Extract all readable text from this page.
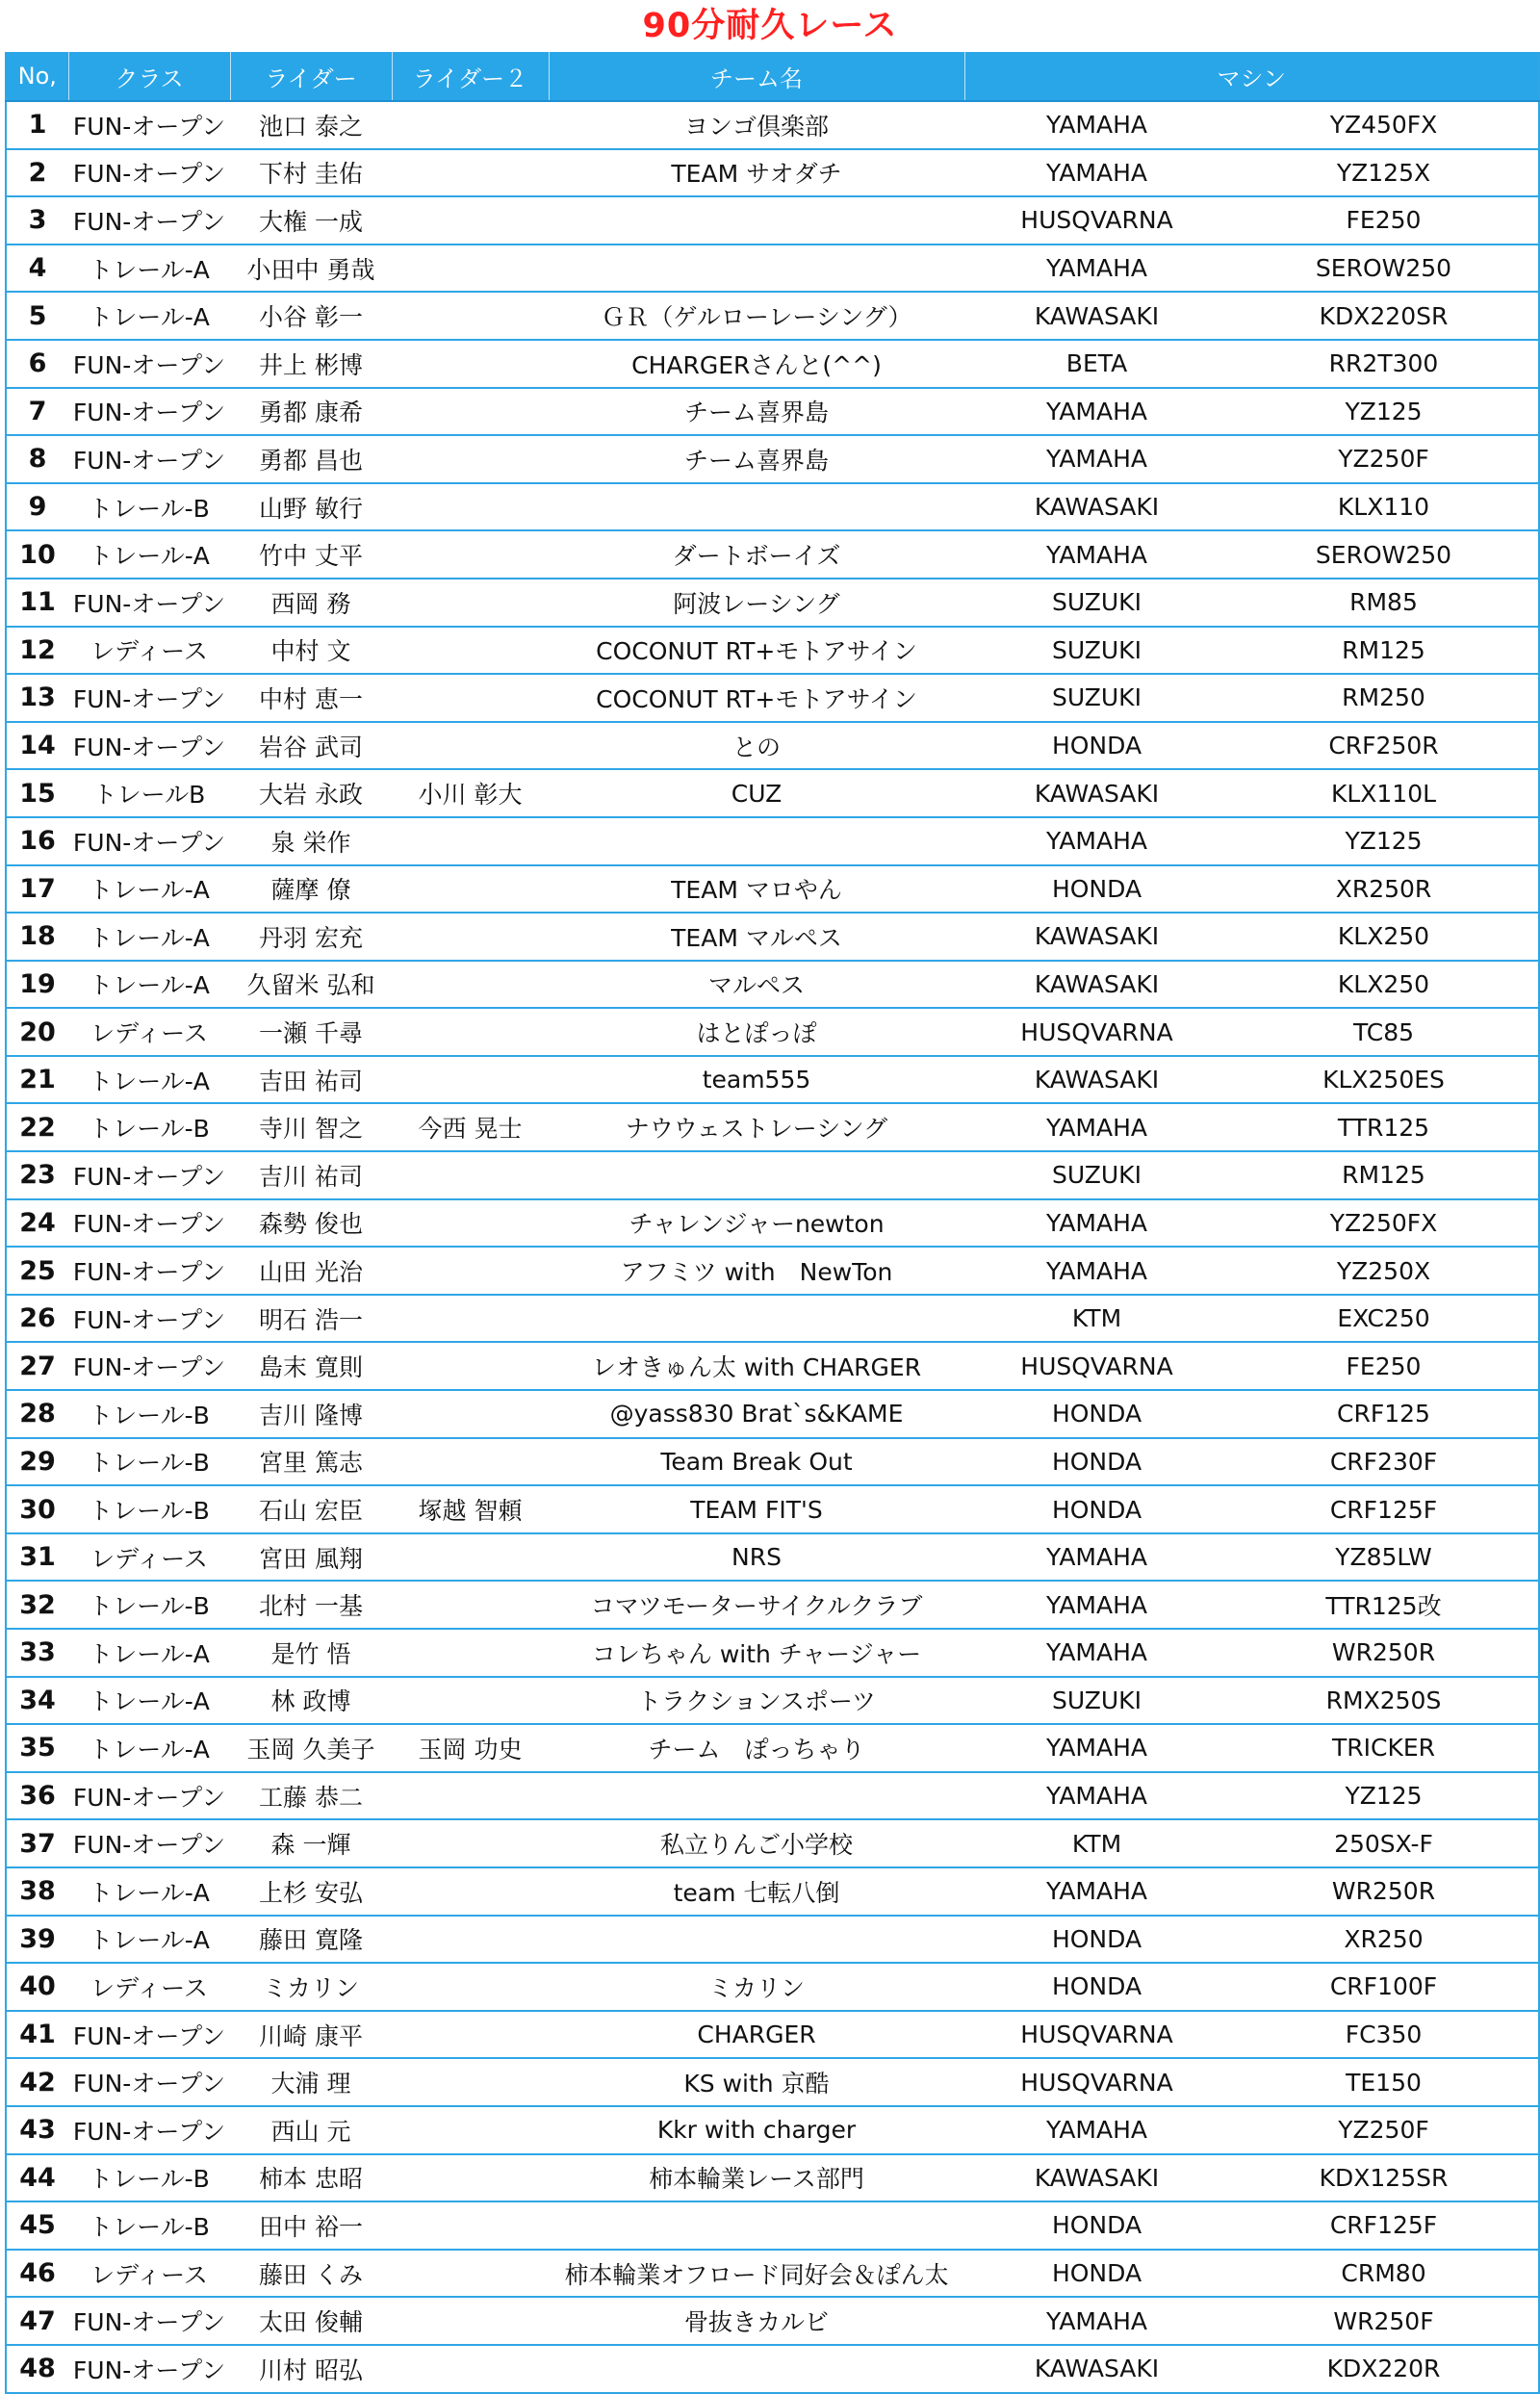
90分耐久レース
No,	クラス	ライダー	ライダー２	チーム名	マシン	
1	FUN-オープン	池口 泰之		ヨンゴ倶楽部	YAMAHA	YZ450FX
2	FUN-オープン	下村 圭佑		TEAM サオダチ	YAMAHA	YZ125X
3	FUN-オープン	大権 一成			HUSQVARNA	FE250
4	トレール-A	小田中 勇哉			YAMAHA	SEROW250
5	トレール-A	小谷 彰一		ＧＲ（ゲルローレーシング）	KAWASAKI	KDX220SR
6	FUN-オープン	井上 彬博		CHARGERさんと(^^)	BETA	RR2T300
7	FUN-オープン	勇都 康希		チーム喜界島	YAMAHA	YZ125
8	FUN-オープン	勇都 昌也		チーム喜界島	YAMAHA	YZ250F
9	トレール-B	山野 敏行			KAWASAKI	KLX110
10	トレール-A	竹中 丈平		ダートボーイズ	YAMAHA	SEROW250
11	FUN-オープン	西岡 務		阿波レーシング	SUZUKI	RM85
12	レディース	中村 文		COCONUT RT+モトアサイン	SUZUKI	RM125
13	FUN-オープン	中村 恵一		COCONUT RT+モトアサイン	SUZUKI	RM250
14	FUN-オープン	岩谷 武司		との	HONDA	CRF250R
15	トレールB	大岩 永政	小川 彰大	CUZ	KAWASAKI	KLX110L
16	FUN-オープン	泉 栄作			YAMAHA	YZ125
17	トレール-A	薩摩 僚		TEAM マロやん	HONDA	XR250R
18	トレール-A	丹羽 宏充		TEAM マルペス	KAWASAKI	KLX250
19	トレール-A	久留米 弘和		マルペス	KAWASAKI	KLX250
20	レディース	一瀬 千尋		はとぽっぽ	HUSQVARNA	TC85
21	トレール-A	吉田 祐司		team555	KAWASAKI	KLX250ES
22	トレール-B	寺川 智之	今西 晃士	ナウウェストレーシング	YAMAHA	TTR125
23	FUN-オープン	吉川 祐司			SUZUKI	RM125
24	FUN-オープン	森勢 俊也		チャレンジャーnewton	YAMAHA	YZ250FX
25	FUN-オープン	山田 光治		アフミツ with　NewTon	YAMAHA	YZ250X
26	FUN-オープン	明石 浩一			KTM	EXC250
27	FUN-オープン	島末 寛則		レオきゅん太 with CHARGER	HUSQVARNA	FE250
28	トレール-B	吉川 隆博		@yass830 Brat`s&KAME	HONDA	CRF125
29	トレール-B	宮里 篤志		Team Break Out	HONDA	CRF230F
30	トレール-B	石山 宏臣	塚越 智頼	TEAM FIT'S	HONDA	CRF125F
31	レディース	宮田 風翔		NRS	YAMAHA	YZ85LW
32	トレール-B	北村 一基		コマツモーターサイクルクラブ	YAMAHA	TTR125改
33	トレール-A	是竹 悟		コレちゃん with チャージャー	YAMAHA	WR250R
34	トレール-A	林 政博		トラクションスポーツ	SUZUKI	RMX250S
35	トレール-A	玉岡 久美子	玉岡 功史	チーム　ぽっちゃり	YAMAHA	TRICKER
36	FUN-オープン	工藤 恭二			YAMAHA	YZ125
37	FUN-オープン	森 一輝		私立りんご小学校	KTM	250SX-F
38	トレール-A	上杉 安弘		team 七転八倒	YAMAHA	WR250R
39	トレール-A	藤田 寛隆			HONDA	XR250
40	レディース	ミカリン		ミカリン	HONDA	CRF100F
41	FUN-オープン	川崎 康平		CHARGER	HUSQVARNA	FC350
42	FUN-オープン	大浦 理		KS with 京酷	HUSQVARNA	TE150
43	FUN-オープン	西山 元		Kkr with charger	YAMAHA	YZ250F
44	トレール-B	柿本 忠昭		柿本輪業レース部門	KAWASAKI	KDX125SR
45	トレール-B	田中 裕一			HONDA	CRF125F
46	レディース	藤田 くみ		柿本輪業オフロード同好会＆ぽん太	HONDA	CRM80
47	FUN-オープン	太田 俊輔		骨抜きカルビ	YAMAHA	WR250F
48	FUN-オープン	川村 昭弘			KAWASAKI	KDX220R
